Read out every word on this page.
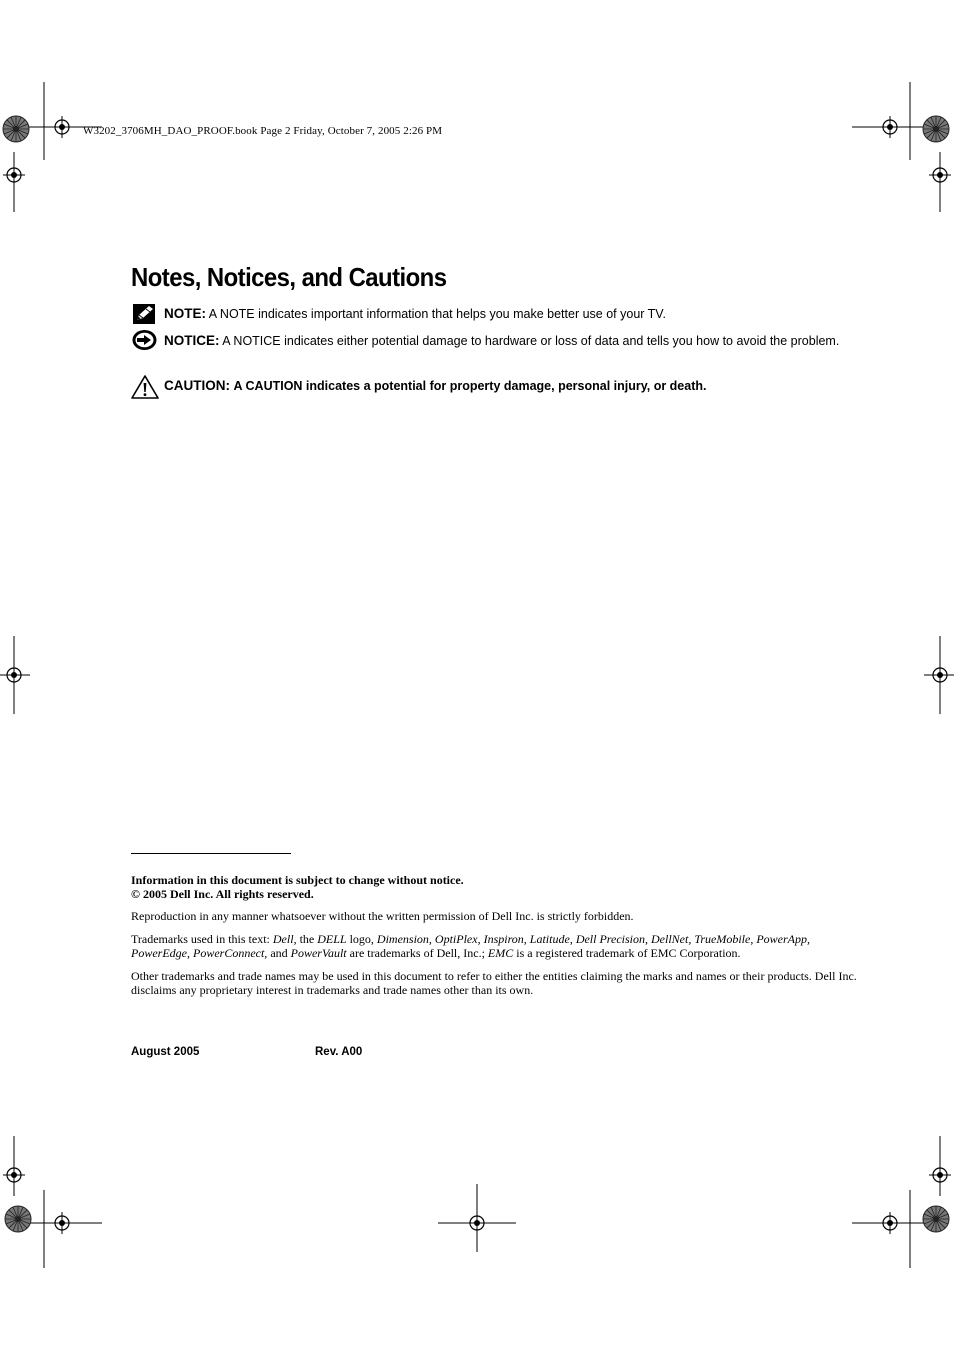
W3202_3706MH_DAO_PROOF.book Page 2 Friday, October 7, 2005 2:26 PM
Notes, Notices, and Cautions
NOTE: A NOTE indicates important information that helps you make better use of your TV.
NOTICE: A NOTICE indicates either potential damage to hardware or loss of data and tells you how to avoid the problem.
CAUTION: A CAUTION indicates a potential for property damage, personal injury, or death.
Information in this document is subject to change without notice.
© 2005 Dell Inc. All rights reserved.
Reproduction in any manner whatsoever without the written permission of Dell Inc. is strictly forbidden.
Trademarks used in this text: Dell, the DELL logo, Dimension, OptiPlex, Inspiron, Latitude, Dell Precision, DellNet, TrueMobile, PowerApp, PowerEdge, PowerConnect, and PowerVault are trademarks of Dell, Inc.; EMC is a registered trademark of EMC Corporation.
Other trademarks and trade names may be used in this document to refer to either the entities claiming the marks and names or their products. Dell Inc. disclaims any proprietary interest in trademarks and trade names other than its own.
August 2005	Rev. A00
